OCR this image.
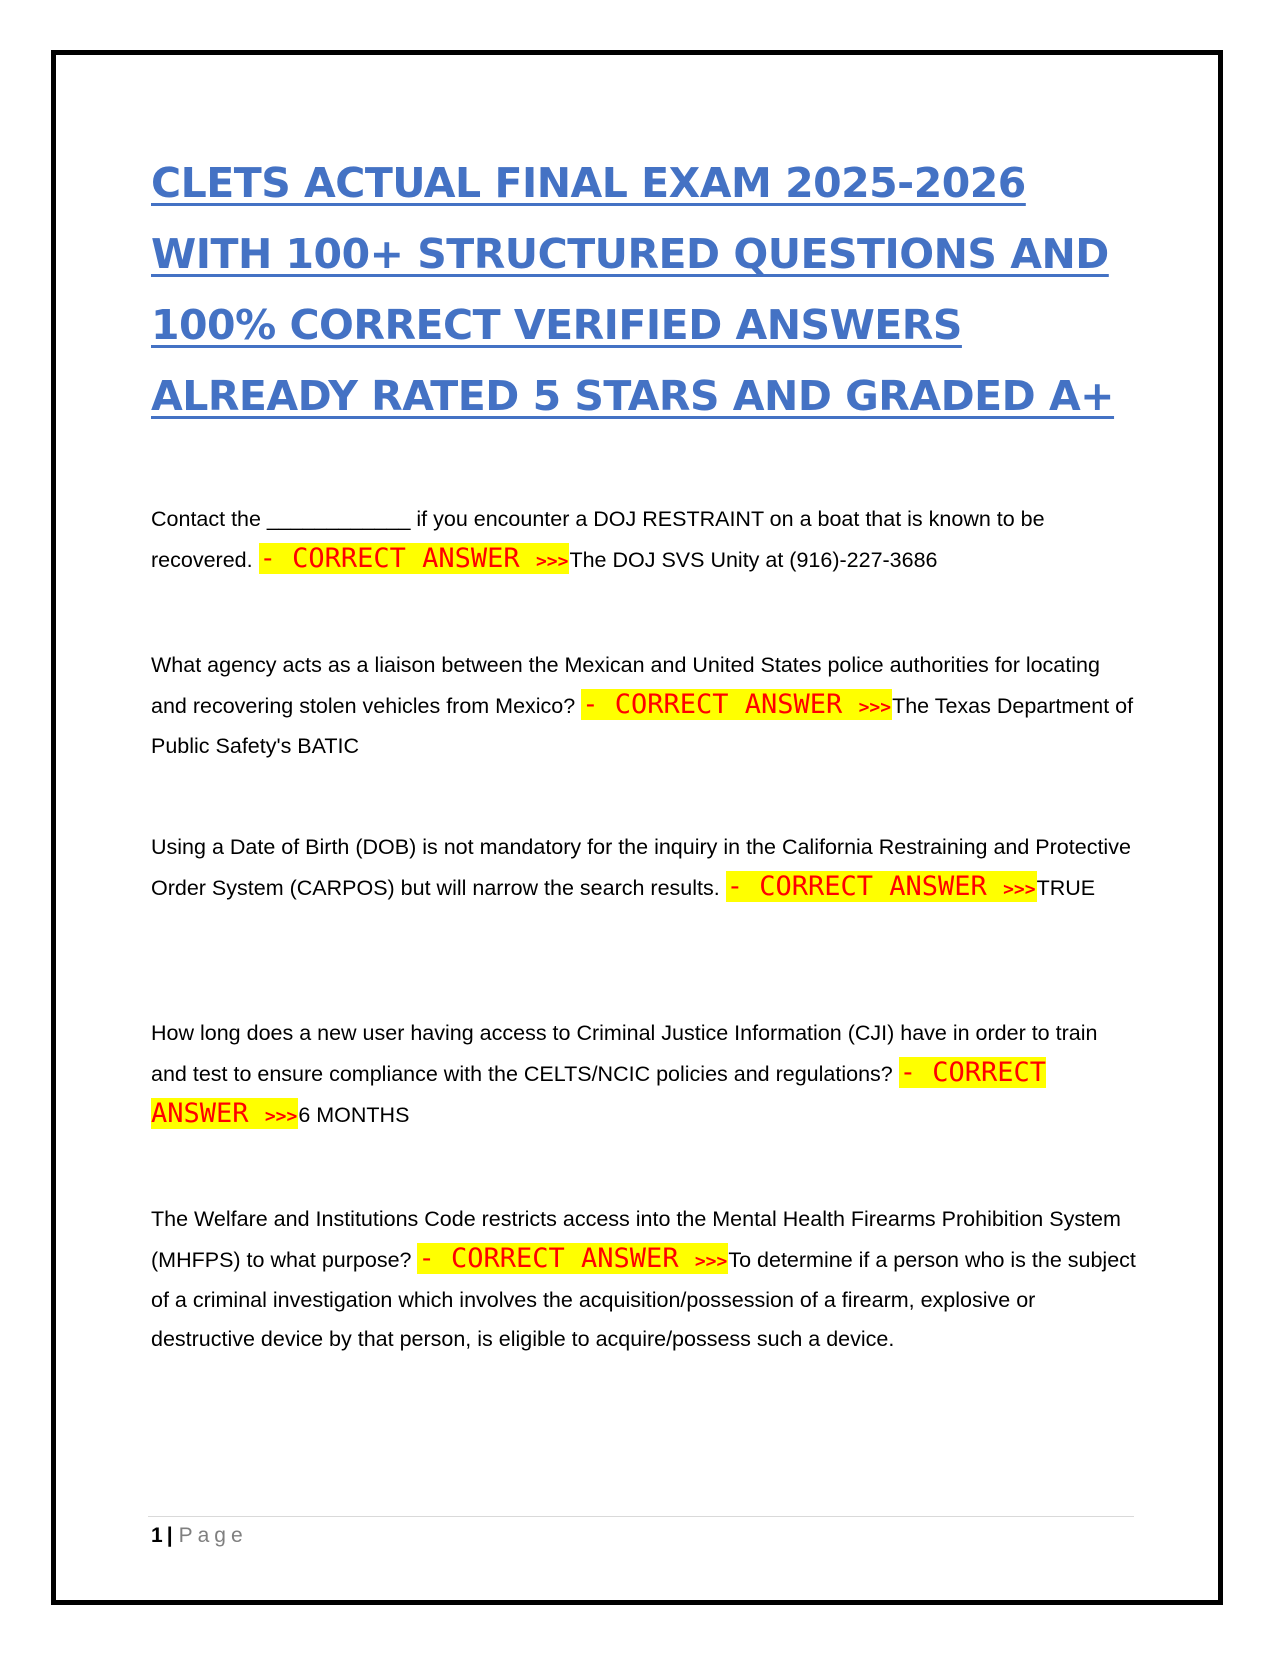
CLETS ACTUAL FINAL EXAM 2025-2026 WITH 100+ STRUCTURED QUESTIONS AND 100% CORRECT VERIFIED ANSWERS ALREADY RATED 5 STARS AND GRADED A+
Contact the ____________ if you encounter a DOJ RESTRAINT on a boat that is known to be recovered. - CORRECT ANSWER >>>The DOJ SVS Unity at (916)-227-3686
What agency acts as a liaison between the Mexican and United States police authorities for locating and recovering stolen vehicles from Mexico? - CORRECT ANSWER >>>The Texas Department of Public Safety's BATIC
Using a Date of Birth (DOB) is not mandatory for the inquiry in the California Restraining and Protective Order System (CARPOS) but will narrow the search results. - CORRECT ANSWER >>>TRUE
How long does a new user having access to Criminal Justice Information (CJI) have in order to train and test to ensure compliance with the CELTS/NCIC policies and regulations? - CORRECT ANSWER >>>6 MONTHS
The Welfare and Institutions Code restricts access into the Mental Health Firearms Prohibition System (MHFPS) to what purpose? - CORRECT ANSWER >>>To determine if a person who is the subject of a criminal investigation which involves the acquisition/possession of a firearm, explosive or destructive device by that person, is eligible to acquire/possess such a device.
1 | Page
